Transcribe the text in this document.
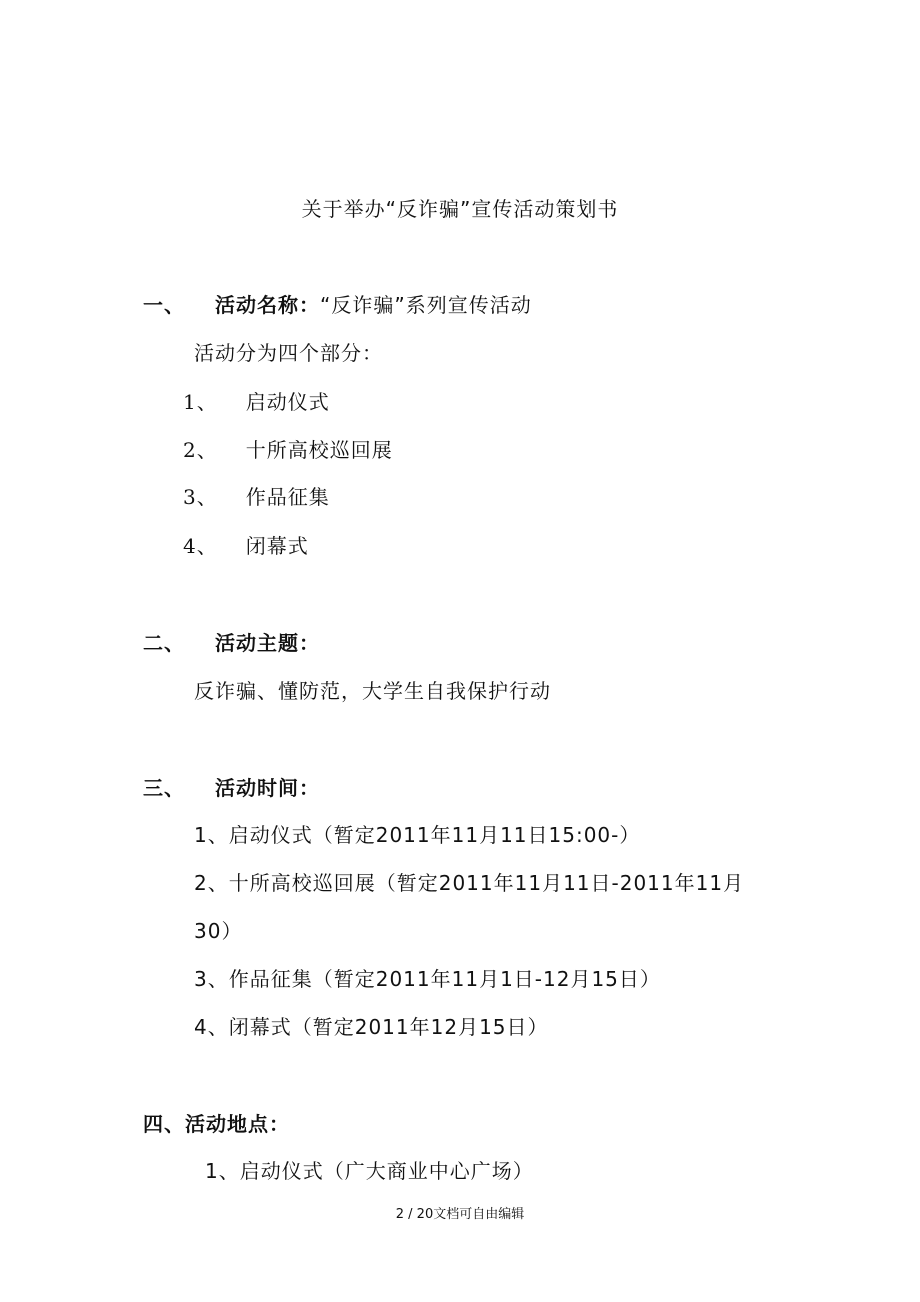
关于举办“反诈骗”宣传活动策划书
一、 活动名称：“反诈骗”系列宣传活动
活动分为四个部分：
1、 启动仪式
2、 十所高校巡回展
3、 作品征集
4、 闭幕式
二、 活动主题：
反诈骗、懂防范，大学生自我保护行动
三、 活动时间：
1、启动仪式（暂定2011年11月11日15:00-）
2、十所高校巡回展（暂定2011年11月11日-2011年11月
30）
3、作品征集（暂定2011年11月1日-12月15日）
4、闭幕式（暂定2011年12月15日）
四、活动地点：
1、启动仪式（广大商业中心广场）
2 / 20文档可自由编辑
